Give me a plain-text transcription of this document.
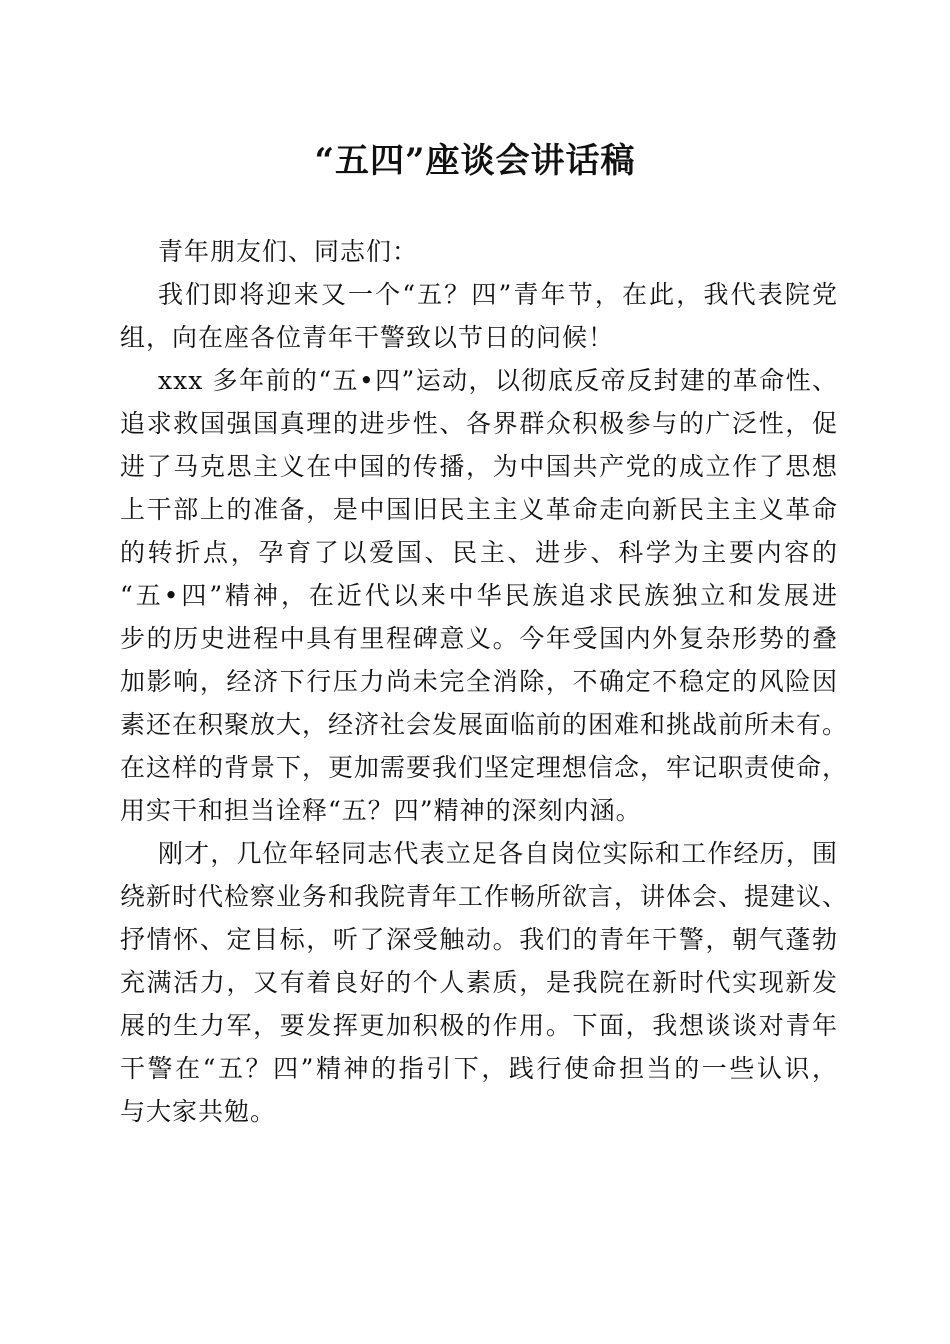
“五四”座谈会讲话稿
青年朋友们、同志们：
我们即将迎来又一个“五？四”青年节，在此，我代表院党
组，向在座各位青年干警致以节日的问候！
xxx 多年前的“五•四”运动，以彻底反帝反封建的革命性、
追求救国强国真理的进步性、各界群众积极参与的广泛性，促
进了马克思主义在中国的传播，为中国共产党的成立作了思想
上干部上的准备，是中国旧民主主义革命走向新民主主义革命
的转折点，孕育了以爱国、民主、进步、科学为主要内容的
“五•四”精神，在近代以来中华民族追求民族独立和发展进
步的历史进程中具有里程碑意义。今年受国内外复杂形势的叠
加影响，经济下行压力尚未完全消除，不确定不稳定的风险因
素还在积聚放大，经济社会发展面临前的困难和挑战前所未有。
在这样的背景下，更加需要我们坚定理想信念，牢记职责使命，
用实干和担当诠释“五？四”精神的深刻内涵。
刚才，几位年轻同志代表立足各自岗位实际和工作经历，围
绕新时代检察业务和我院青年工作畅所欲言，讲体会、提建议、
抒情怀、定目标，听了深受触动。我们的青年干警，朝气蓬勃
充满活力，又有着良好的个人素质，是我院在新时代实现新发
展的生力军，要发挥更加积极的作用。下面，我想谈谈对青年
干警在“五？四”精神的指引下，践行使命担当的一些认识，
与大家共勉。
